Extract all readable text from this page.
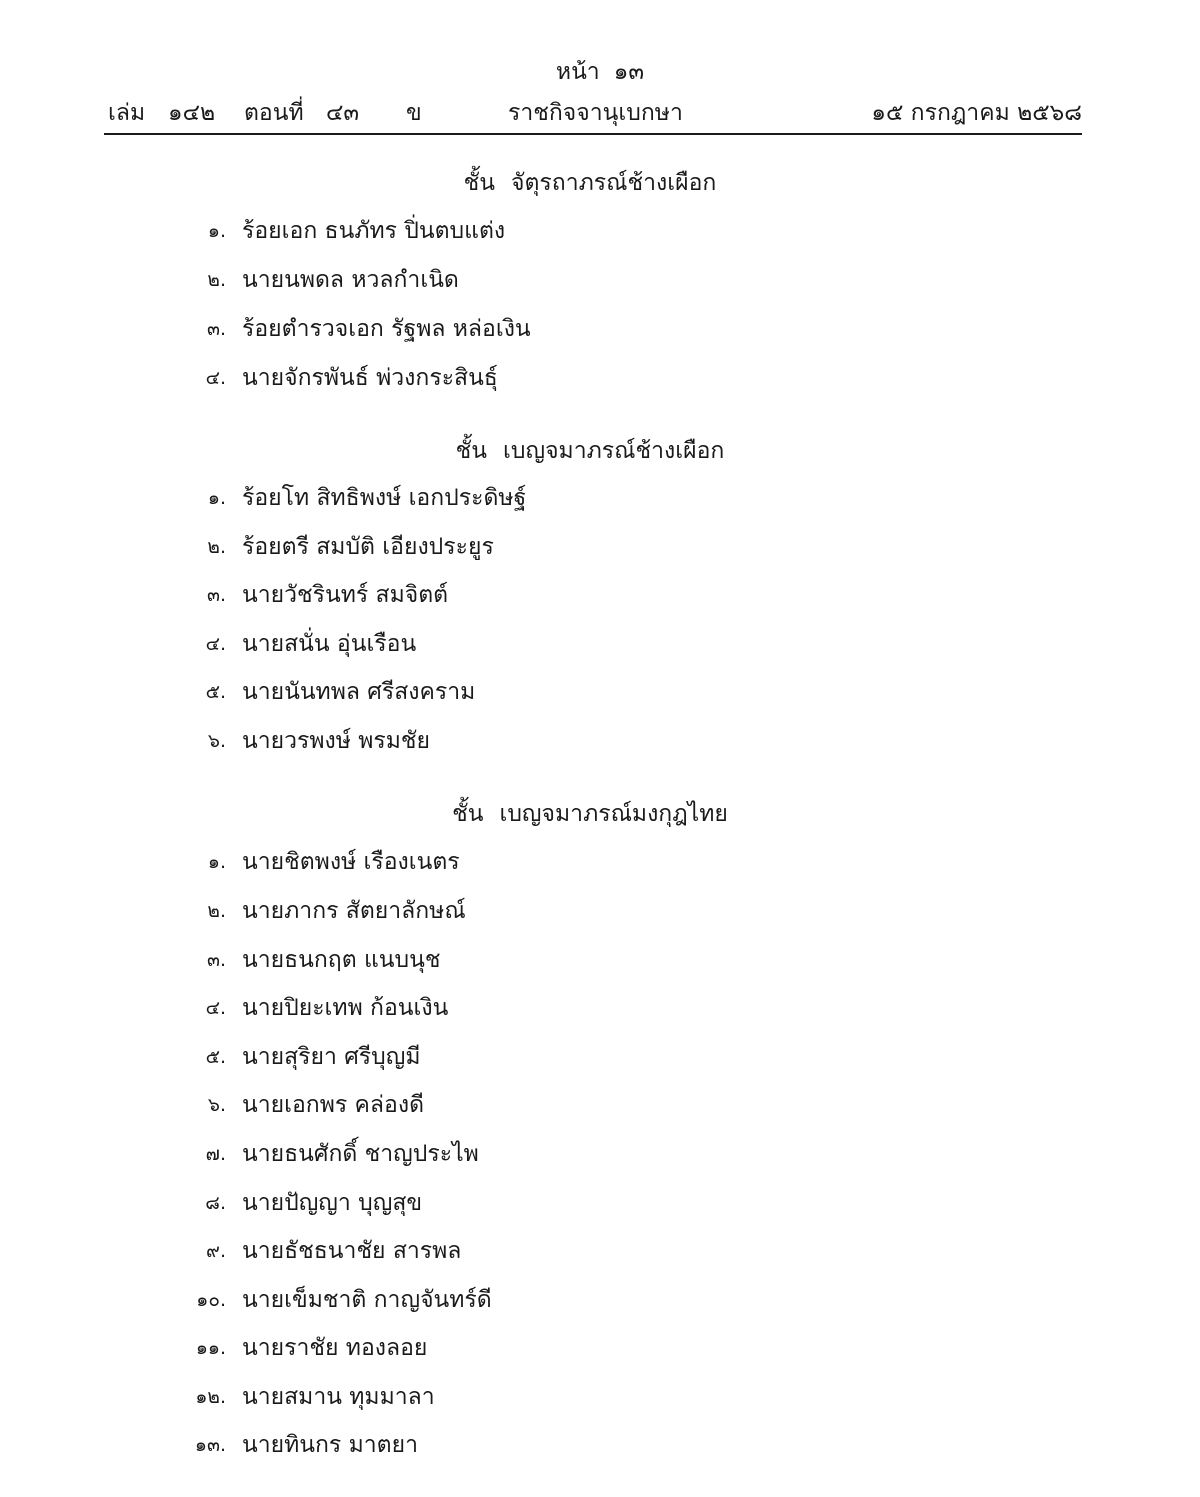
หน้า ๑๓
เล่ม ๑๔๒ ตอนที่ ๔๓ ข	ราชกิจจานุเบกษา	๑๕ กรกฎาคม ๒๕๖๘
ชั้น จัตุรถาภรณ์ช้างเผือก
๑. ร้อยเอก ธนภัทร ปิ่นตบแต่ง
๒. นายนพดล หวลกำเนิด
๓. ร้อยตำรวจเอก รัฐพล หล่อเงิน
๔. นายจักรพันธ์ พ่วงกระสินธุ์
ชั้น เบญจมาภรณ์ช้างเผือก
๑. ร้อยโท สิทธิพงษ์ เอกประดิษฐ์
๒. ร้อยตรี สมบัติ เอียงประยูร
๓. นายวัชรินทร์ สมจิตต์
๔. นายสนั่น อุ่นเรือน
๕. นายนันทพล ศรีสงคราม
๖. นายวรพงษ์ พรมชัย
ชั้น เบญจมาภรณ์มงกุฎไทย
๑. นายชิตพงษ์ เรืองเนตร
๒. นายภากร สัตยาลักษณ์
๓. นายธนกฤต แนบนุช
๔. นายปิยะเทพ ก้อนเงิน
๕. นายสุริยา ศรีบุญมี
๖. นายเอกพร คล่องดี
๗. นายธนศักดิ์ ชาญประไพ
๘. นายปัญญา บุญสุข
๙. นายธัชธนาชัย สารพล
๑๐. นายเข็มชาติ กาญจันทร์ดี
๑๑. นายราชัย ทองลอย
๑๒. นายสมาน ทุมมาลา
๑๓. นายทินกร มาตยา
